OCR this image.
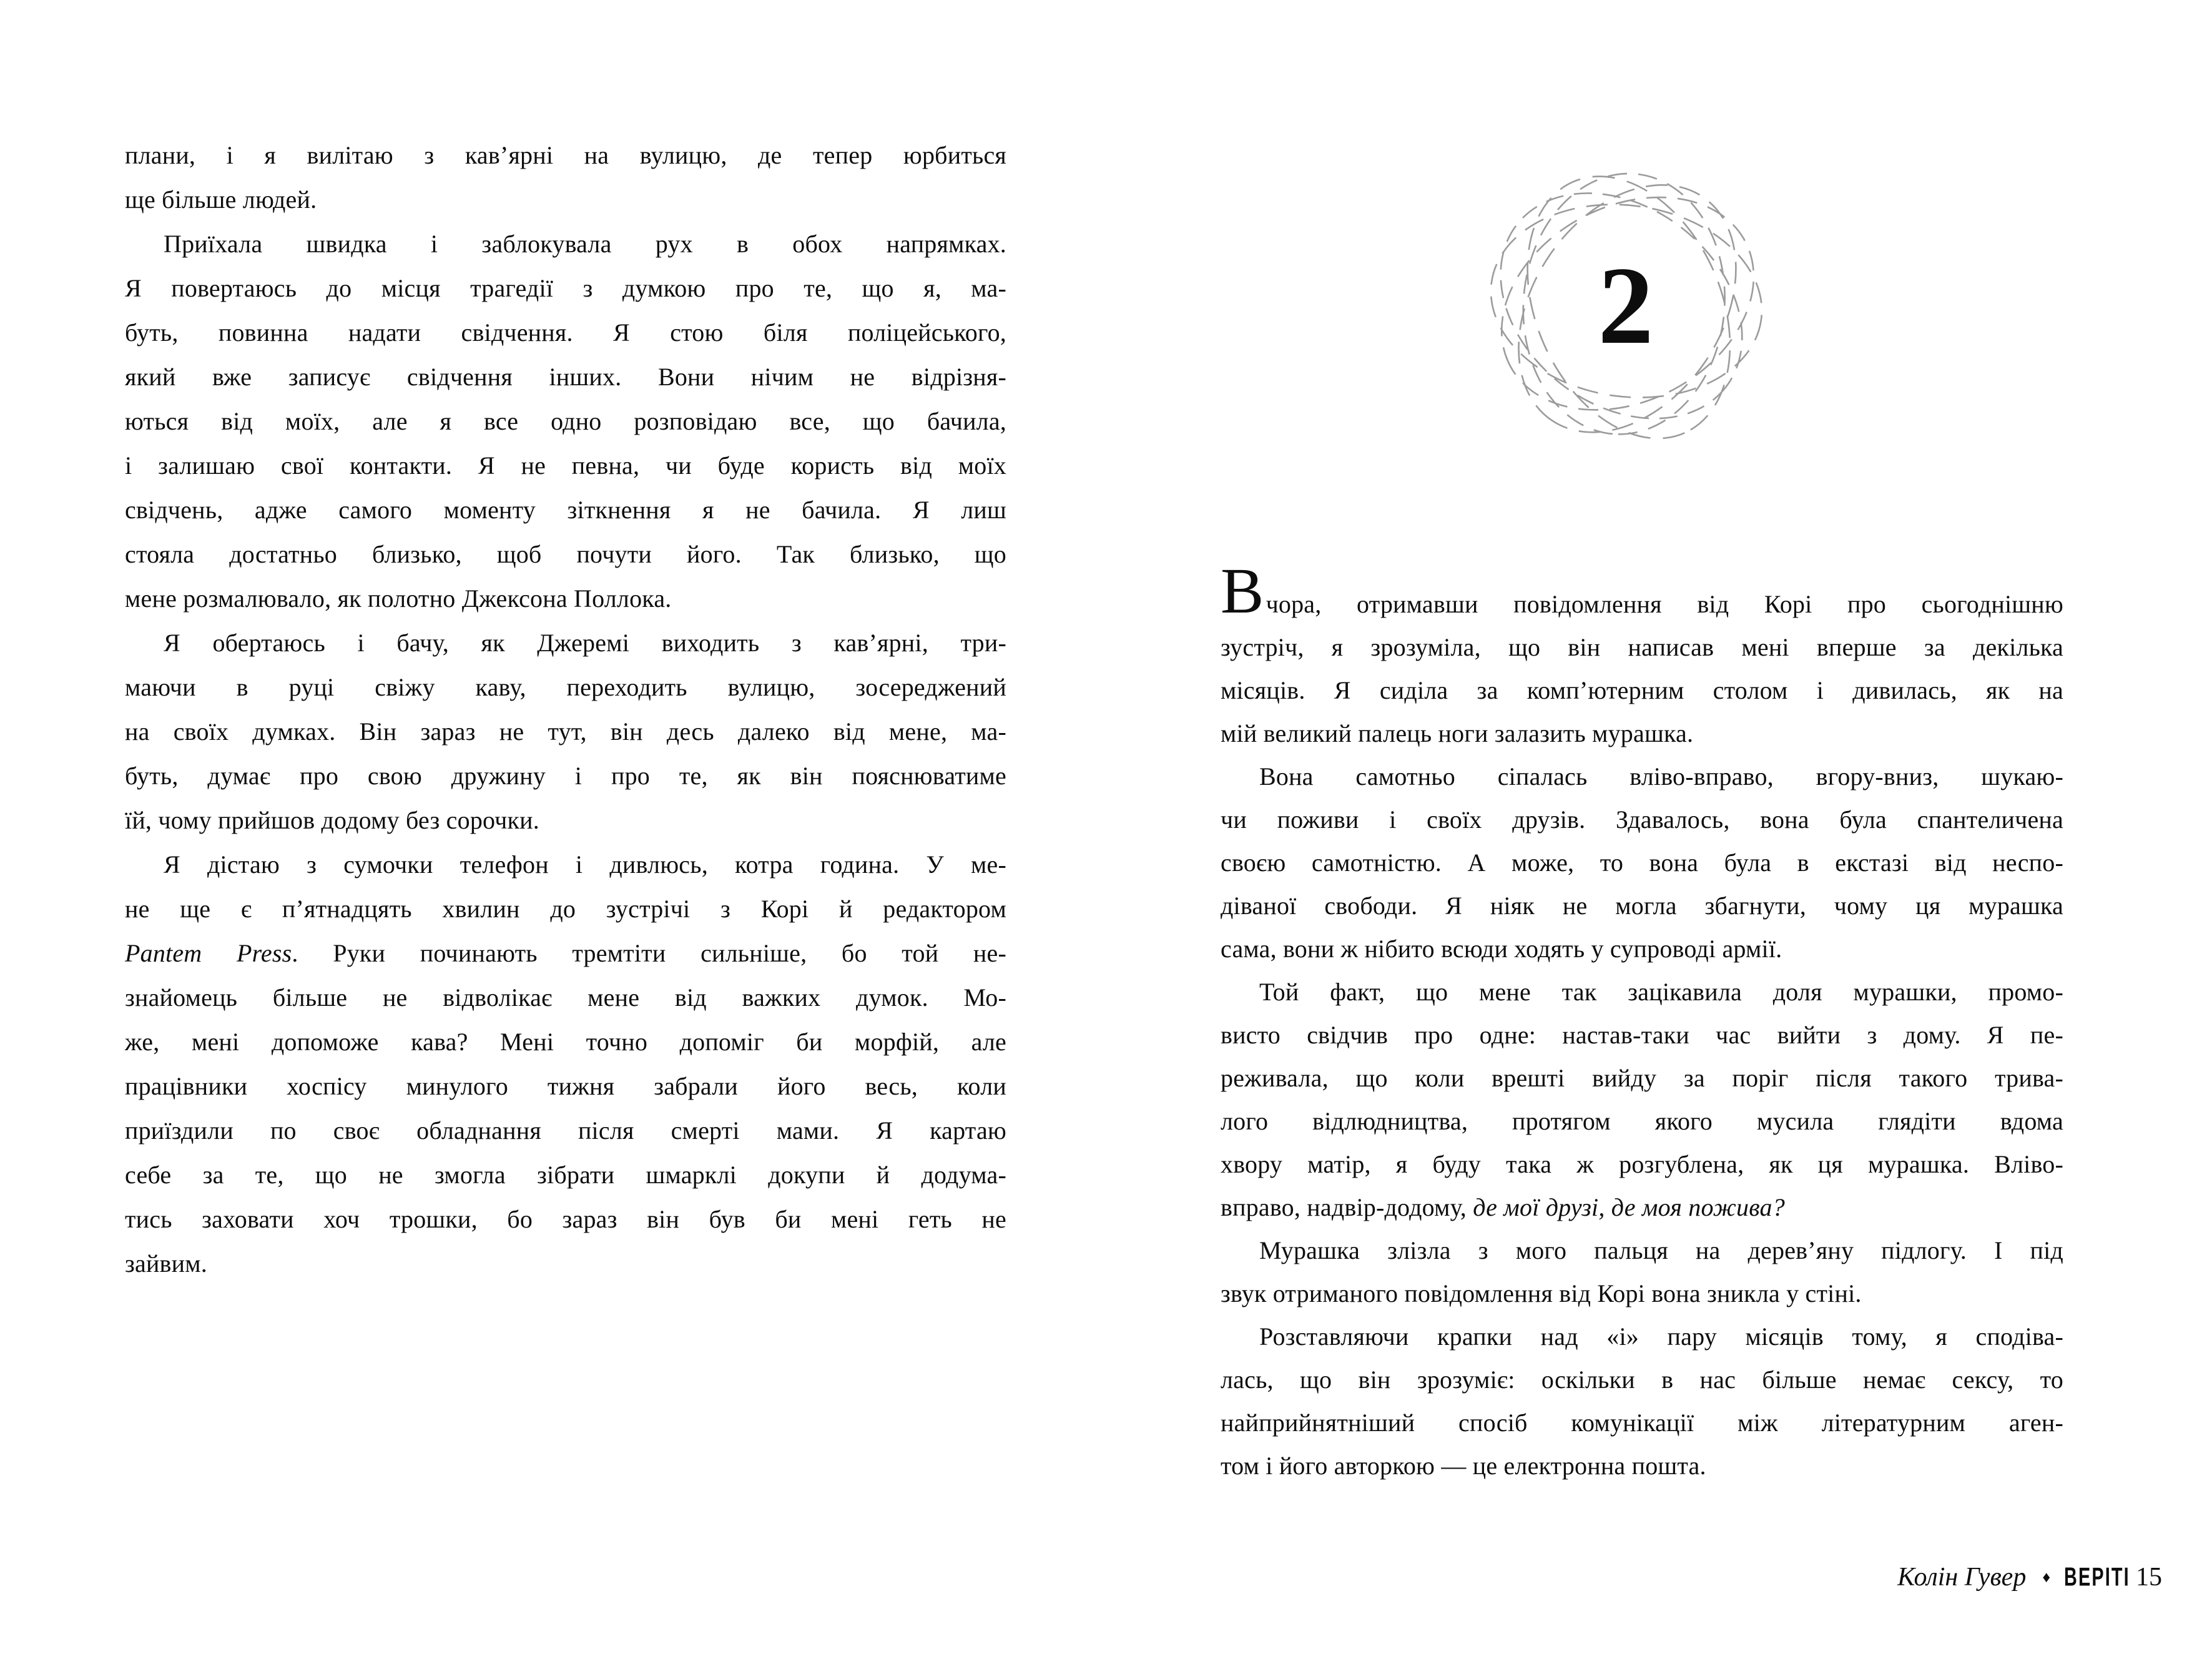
плани, і я вилітаю з кав’ярні на вулицю, де тепер юрбиться
ще більше людей.
Приїхала швидка і заблокувала рух в обох напрямках.
Я повертаюсь до місця трагедії з думкою про те, що я, ма-
буть, повинна надати свідчення. Я стою біля поліцейського,
який вже записує свідчення інших. Вони нічим не відрізня-
ються від моїх, але я все одно розповідаю все, що бачила,
і залишаю свої контакти. Я не певна, чи буде користь від моїх
свідчень, адже самого моменту зіткнення я не бачила. Я лиш
стояла достатньо близько, щоб почути його. Так близько, що
мене розмалювало, як полотно Джексона Поллока.
Я обертаюсь і бачу, як Джеремі виходить з кав’ярні, три-
маючи в руці свіжу каву, переходить вулицю, зосереджений
на своїх думках. Він зараз не тут, він десь далеко від мене, ма-
буть, думає про свою дружину і про те, як він пояснюватиме
їй, чому прийшов додому без сорочки.
Я дістаю з сумочки телефон і дивлюсь, котра година. У ме-
не ще є п’ятнадцять хвилин до зустрічі з Корі й редактором
Pantem Press. Руки починають тремтіти сильніше, бо той не-
знайомець більше не відволікає мене від важких думок. Мо-
же, мені допоможе кава? Мені точно допоміг би морфій, але
працівники хоспісу минулого тижня забрали його весь, коли
приїздили по своє обладнання після смерті мами. Я картаю
себе за те, що не змогла зібрати шмарклі докупи й додума-
тись заховати хоч трошки, бо зараз він був би мені геть не
зайвим.
2
Вчора, отримавши повідомлення від Корі про сьогоднішню
зустріч, я зрозуміла, що він написав мені вперше за декілька
місяців. Я сиділа за комп’ютерним столом і дивилась, як на
мій великий палець ноги залазить мурашка.
Вона самотньо сіпалась вліво-вправо, вгору-вниз, шукаю-
чи поживи і своїх друзів. Здавалось, вона була спантеличена
своєю самотністю. А може, то вона була в екстазі від неспо-
діваної свободи. Я ніяк не могла збагнути, чому ця мурашка
сама, вони ж нібито всюди ходять у супроводі армії.
Той факт, що мене так зацікавила доля мурашки, промо-
висто свідчив про одне: настав-таки час вийти з дому. Я пе-
реживала, що коли врешті вийду за поріг після такого трива-
лого відлюдництва, протягом якого мусила глядіти вдома
хвору матір, я буду така ж розгублена, як ця мурашка. Вліво-
вправо, надвір-додому, де мої друзі, де моя пожива?
Мурашка злізла з мого пальця на дерев’яну підлогу. І під
звук отриманого повідомлення від Корі вона зникла у стіні.
Розставляючи крапки над «і» пару місяців тому, я сподіва-
лась, що він зрозуміє: оскільки в нас більше немає сексу, то
найприйнятніший спосіб комунікації між літературним аген-
том і його авторкою — це електронна пошта.
Колін Гувер ♦ ВЕРІТІ 15
